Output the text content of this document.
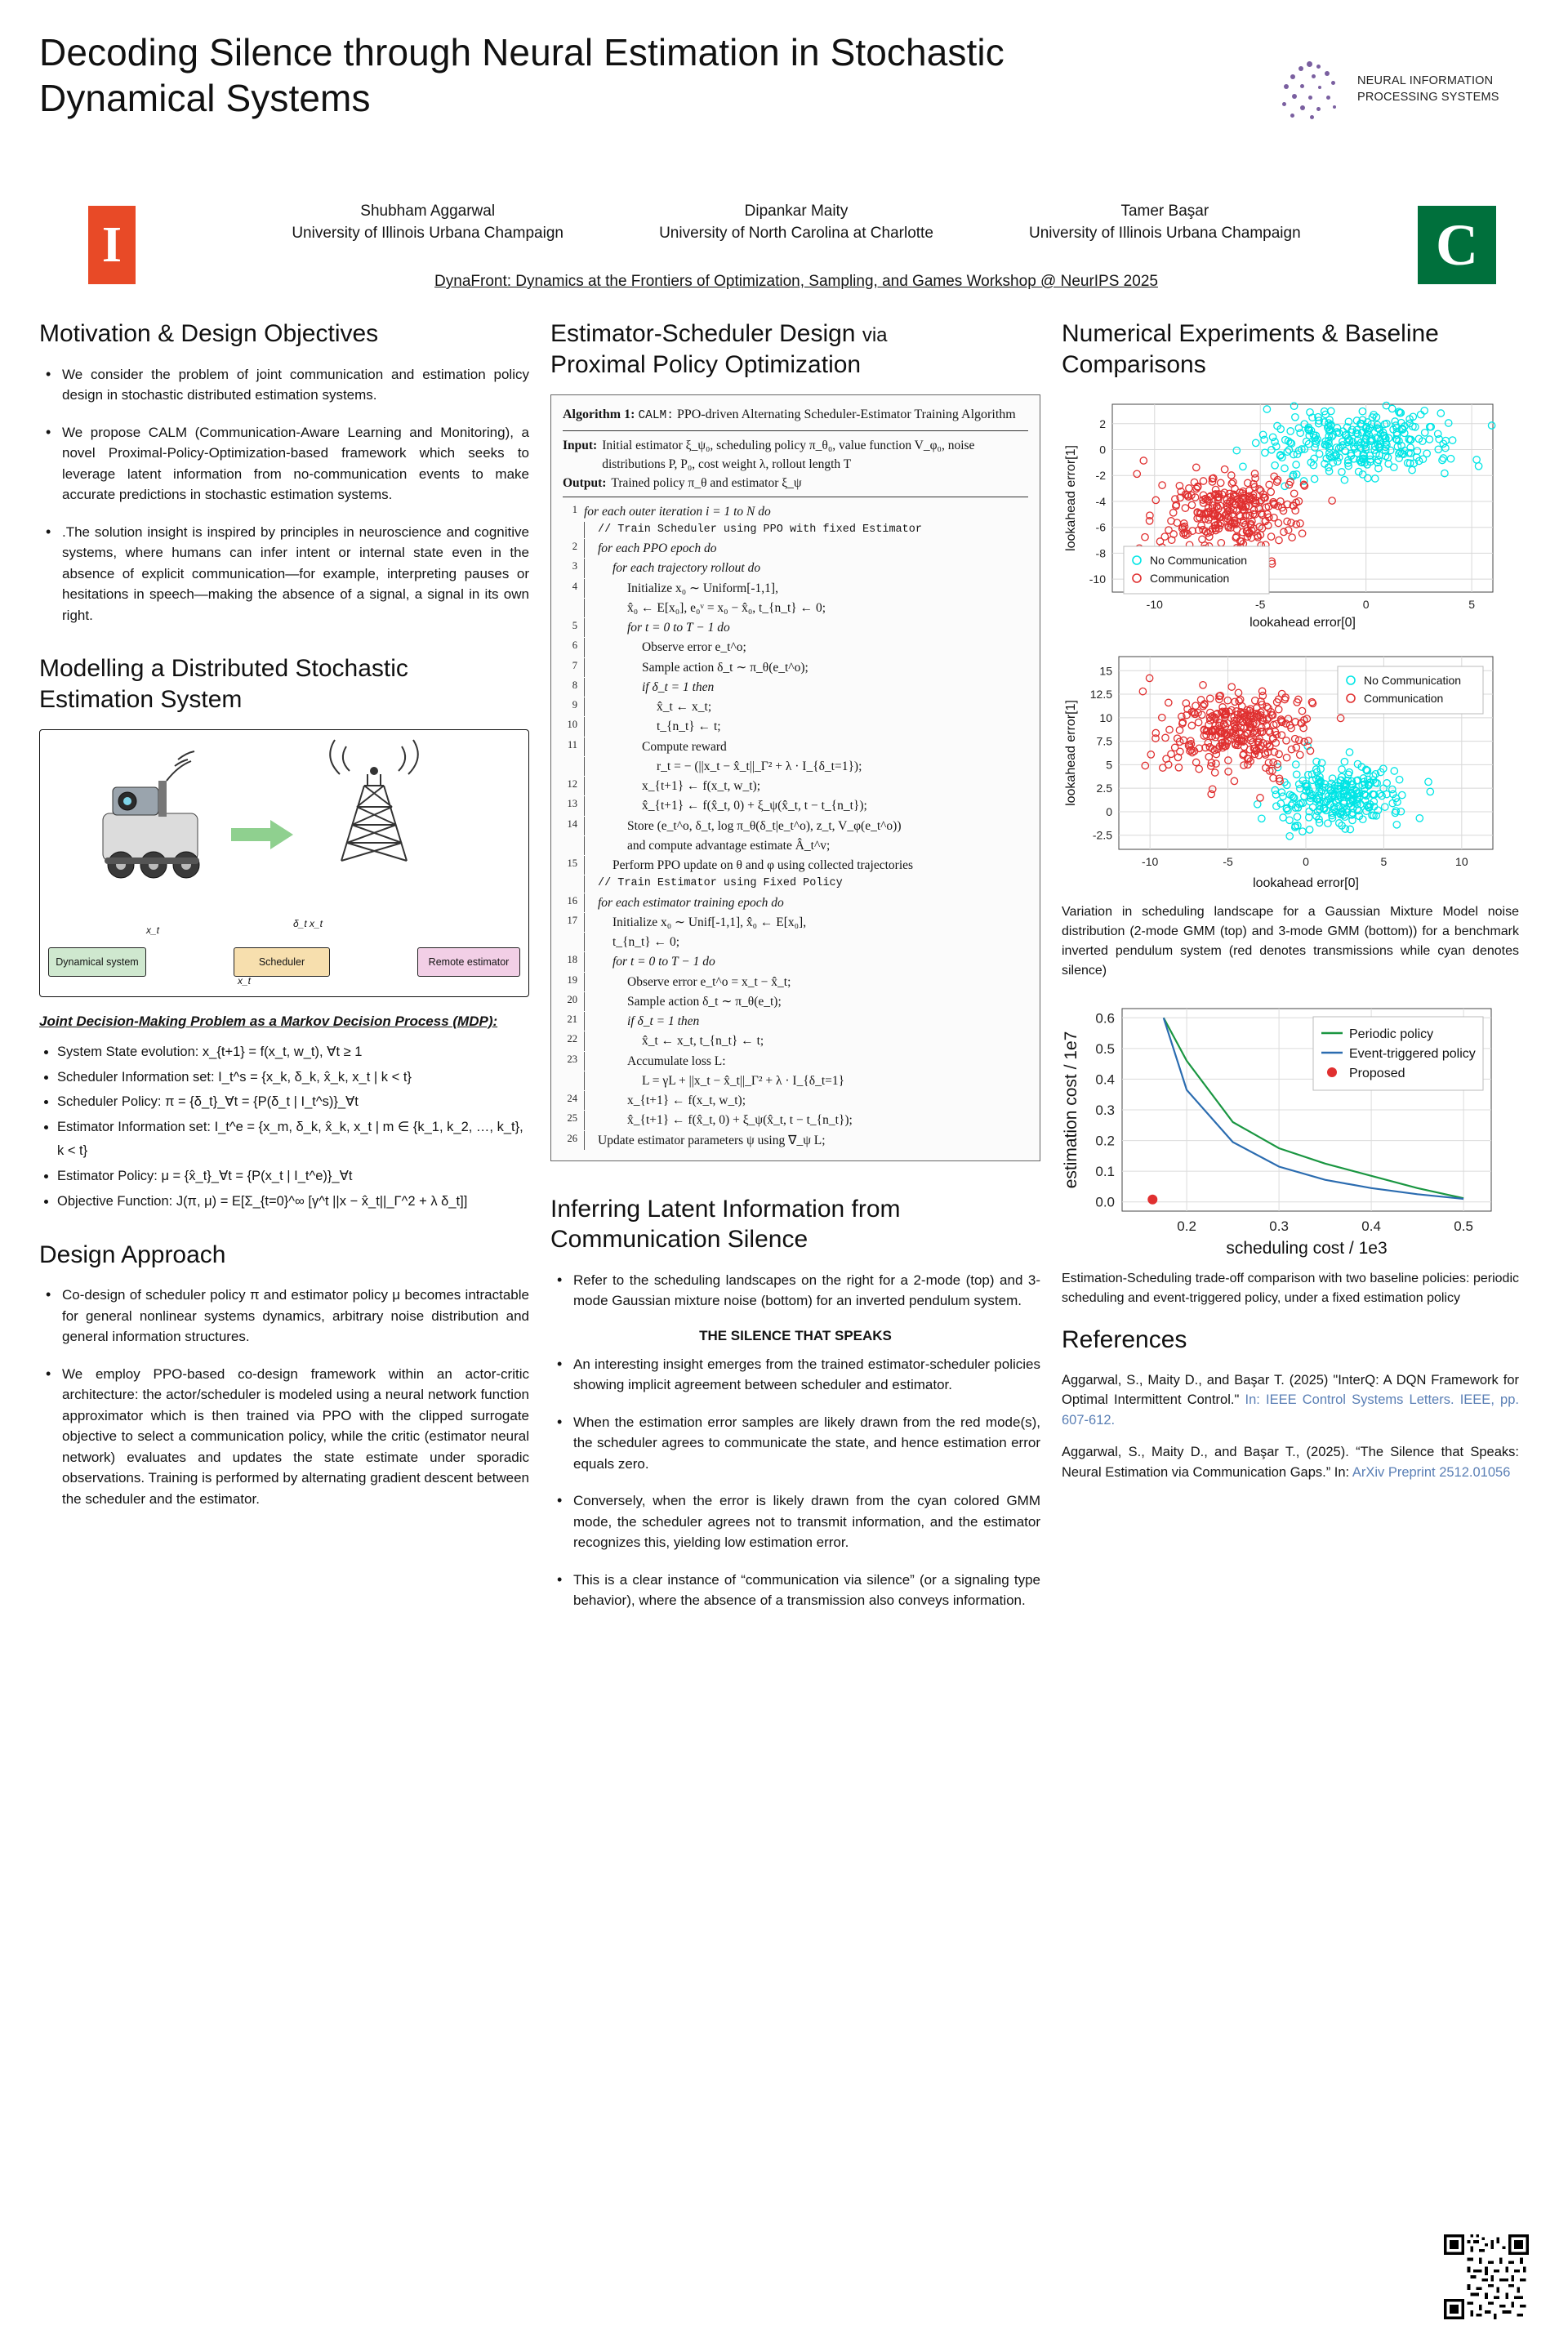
Decoding Silence through Neural Estimation in Stochastic Dynamical Systems	NEURAL INFORMATION
PROCESSING SYSTEMS
I	C
Shubham Aggarwal
University of Illinois Urbana Champaign
Dipankar Maity
University of North Carolina at Charlotte
Tamer Başar
University of Illinois Urbana Champaign
DynaFront: Dynamics at the Frontiers of Optimization, Sampling, and Games Workshop @ NeurIPS 2025
Motivation & Design Objectives
• We consider the problem of joint communication and estimation policy design in stochastic distributed estimation systems.
• We propose CALM (Communication-Aware Learning and Monitoring), a novel Proximal-Policy-Optimization-based framework which seeks to leverage latent information from no-communication events to make accurate predictions in stochastic estimation systems.
• .The solution insight is inspired by principles in neuroscience and cognitive systems, where humans can infer intent or internal state even in the absence of explicit communication—for example, interpreting pauses or hesitations in speech—making the absence of a signal, a signal in its own right.
Modelling a Distributed Stochastic Estimation System
x_t
δ_t x_t
Dynamical system	Scheduler	Remote estimator
x_t
Joint Decision-Making Problem as a Markov Decision Process (MDP):
• System State evolution: x_{t+1} = f(x_t, w_t), ∀t ≥ 1
• Scheduler Information set: I_t^s = {x_k, δ_k, x̂_k, x_t | k < t}
• Scheduler Policy: π = {δ_t}_∀t = {P(δ_t | I_t^s)}_∀t
• Estimator Information set: I_t^e = {x_m, δ_k, x̂_k, x_t | m ∈ {k_1, k_2, …, k_t}, k < t}
• Estimator Policy: μ = {x̂_t}_∀t = {P(x_t | I_t^e)}_∀t
• Objective Function: J(π, μ) = E[Σ_{t=0}^∞ [γ^t ||x − x̂_t||_Γ^2 + λ δ_t]]
Design Approach
• Co-design of scheduler policy π and estimator policy μ becomes intractable for general nonlinear systems dynamics, arbitrary noise distribution and general information structures.
• We employ PPO-based co-design framework within an actor-critic architecture: the actor/scheduler is modeled using a neural network function approximator which is then trained via PPO with the clipped surrogate objective to select a communication policy, while the critic (estimator neural network) evaluates and updates the state estimate under sporadic observations. Training is performed by alternating gradient descent between the scheduler and the estimator.
Estimator-Scheduler Design via
Proximal Policy Optimization
Algorithm 1: CALM: PPO-driven Alternating Scheduler-Estimator Training Algorithm
Input: Initial estimator ξ_ψ₀, scheduling policy π_θ₀, value function V_φ₀, noise distributions P, P₀, cost weight λ, rollout length T
Output: Trained policy π_θ and estimator ξ_ψ
1 for each outer iteration i = 1 to N do
// Train Scheduler using PPO with fixed Estimator
2	for each PPO epoch do
3	for each trajectory rollout do
4	Initialize x₀ ∼ Uniform[-1,1],
x̂₀ ← E[x₀], e₀ᵛ = x₀ − x̂₀, t_{n_t} ← 0;
5	for t = 0 to T − 1 do
6	Observe error e_t^o;
7	Sample action δ_t ∼ π_θ(e_t^o);
8	if δ_t = 1 then
9	x̂_t ← x_t;
10	t_{n_t} ← t;
11	Compute reward
r_t = − (||x_t − x̂_t||_Γ² + λ · I_{δ_t=1});
12	x_{t+1} ← f(x_t, w_t);
13	x̂_{t+1} ← f(x̂_t, 0) + ξ_ψ(x̂_t, t − t_{n_t});
14	Store (e_t^o, δ_t, log π_θ(δ_t|e_t^o), z_t, V_φ(e_t^o))
and compute advantage estimate Â_t^v;
15	Perform PPO update on θ and φ using collected trajectories
// Train Estimator using Fixed Policy
16	for each estimator training epoch do
17	Initialize x₀ ∼ Unif[-1,1], x̂₀ ← E[x₀],
t_{n_t} ← 0;
18	for t = 0 to T − 1 do
19	Observe error e_t^o = x_t − x̂_t;
20	Sample action δ_t ∼ π_θ(e_t);
21	if δ_t = 1 then
22	x̂_t ← x_t, t_{n_t} ← t;
23	Accumulate loss L:
L = γL + ||x_t − x̂_t||_Γ² + λ · I_{δ_t=1}
24	x_{t+1} ← f(x_t, w_t);
25	x̂_{t+1} ← f(x̂_t, 0) + ξ_ψ(x̂_t, t − t_{n_t});
26	Update estimator parameters ψ using ∇_ψ L;
Inferring Latent Information from Communication Silence
• Refer to the scheduling landscapes on the right for a 2-mode (top) and 3-mode Gaussian mixture noise (bottom) for an inverted pendulum system.
THE SILENCE THAT SPEAKS
• An interesting insight emerges from the trained estimator-scheduler policies showing implicit agreement between scheduler and estimator.
• When the estimation error samples are likely drawn from the red mode(s), the scheduler agrees to communicate the state, and hence estimation error equals zero.
• Conversely, when the error is likely drawn from the cyan colored GMM mode, the scheduler agrees not to transmit information, and the estimator recognizes this, yielding low estimation error.
• This is a clear instance of “communication via silence” (or a signaling type behavior), where the absence of a transmission also conveys information.
Numerical Experiments & Baseline Comparisons
-10	-5	0	5
-10
-8
-6
-4
-2
0
2
lookahead error[0]
lookahead error[1]
No Communication
Communication
-10	-5	0	5	10
-2.5
0
2.5
5
7.5
10
12.5
15
lookahead error[0]
lookahead error[1]
No Communication
Communication
Variation in scheduling landscape for a Gaussian Mixture Model noise distribution (2-mode GMM (top) and 3-mode GMM (bottom)) for a benchmark inverted pendulum system (red denotes transmissions while cyan denotes silence)
0.2	0.3	0.4	0.5
0.0
0.1
0.2
0.3
0.4
0.5
0.6
scheduling cost / 1e3
estimation cost / 1e7	Periodic policy
Event-triggered policy
Proposed
Estimation-Scheduling trade-off comparison with two baseline policies: periodic scheduling and event-triggered policy, under a fixed estimation policy
References
Aggarwal, S., Maity D., and Başar T. (2025) "InterQ: A DQN Framework for Optimal Intermittent Control." In: IEEE Control Systems Letters. IEEE, pp. 607-612.
Aggarwal, S., Maity D., and Başar T., (2025). “The Silence that Speaks: Neural Estimation via Communication Gaps.” In: ArXiv Preprint 2512.01056
